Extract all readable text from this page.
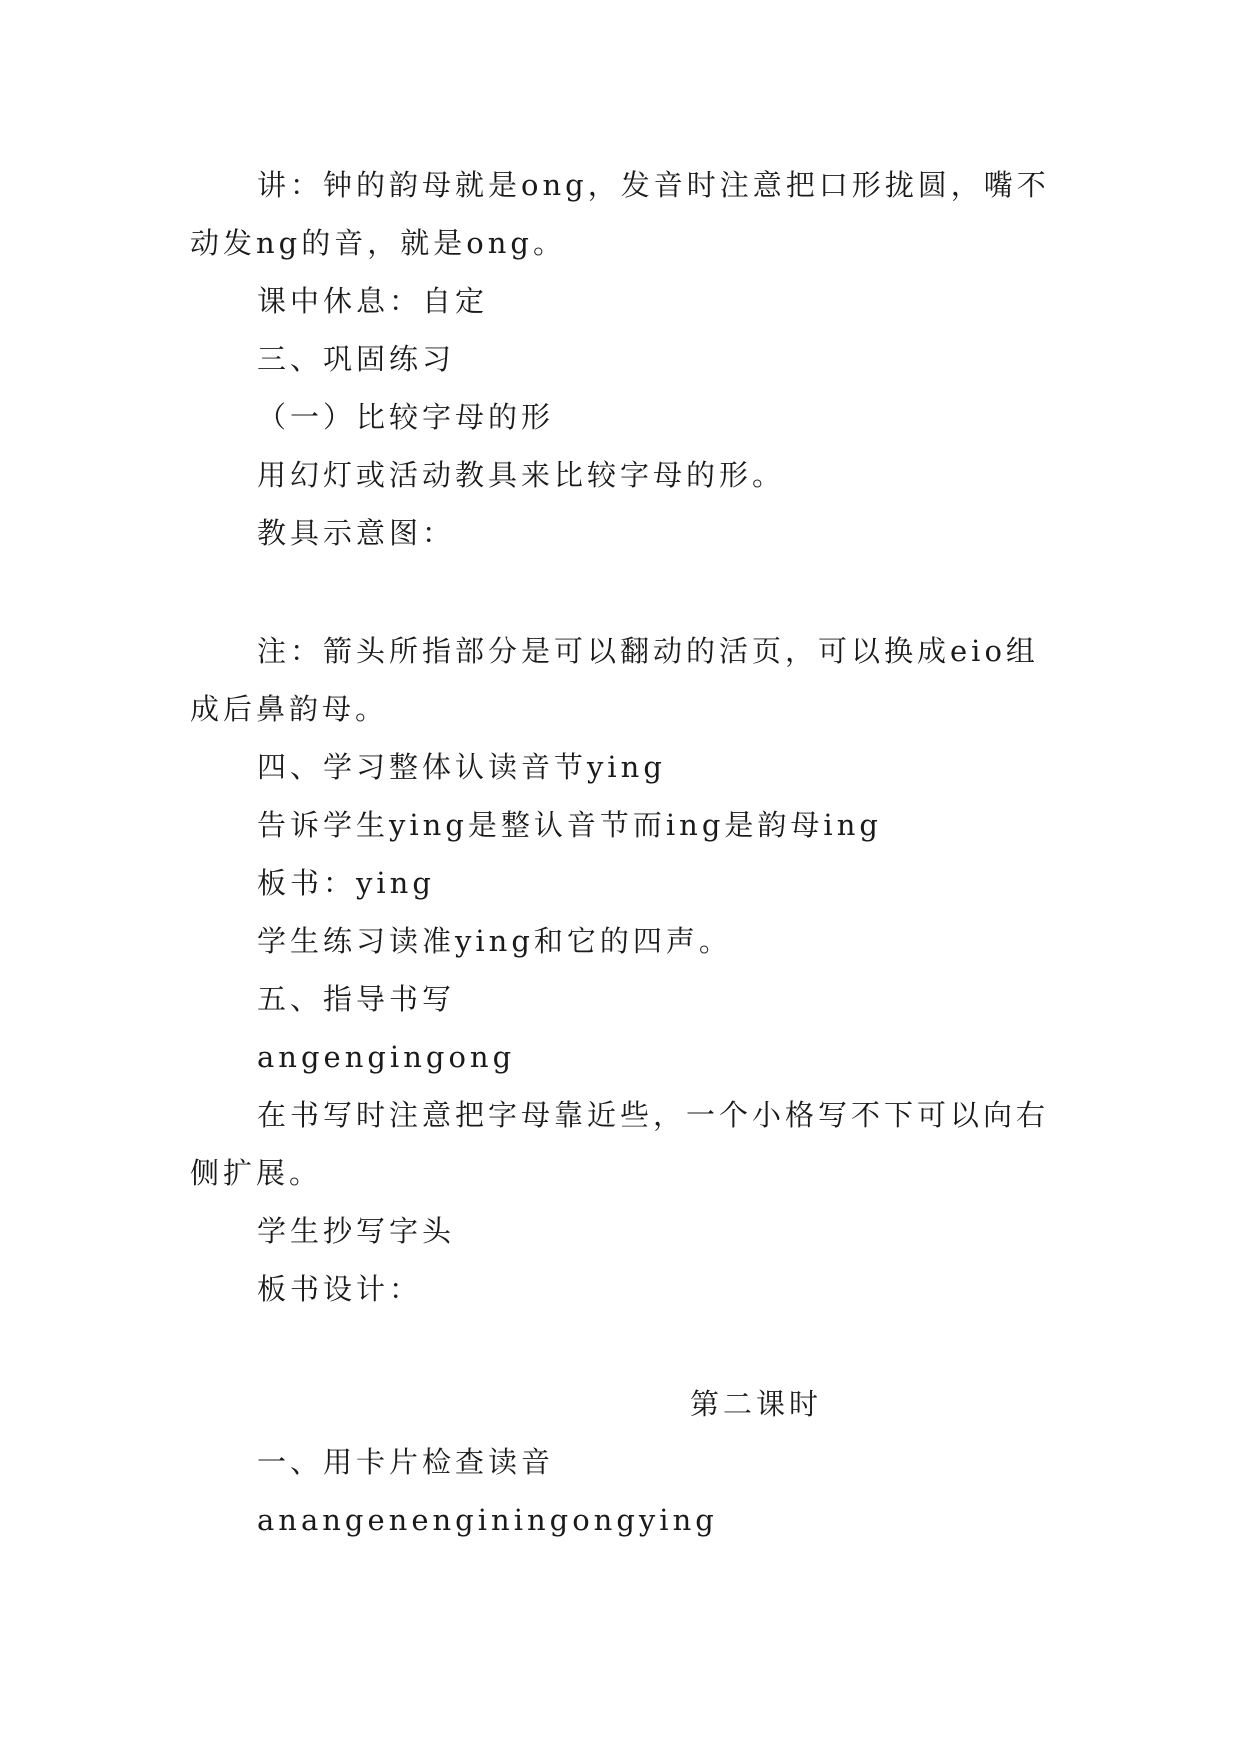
讲：钟的韵母就是ong，发音时注意把口形拢圆，嘴不
动发ng的音，就是ong。
课中休息：自定
三、巩固练习
（一）比较字母的形
用幻灯或活动教具来比较字母的形。
教具示意图：
注：箭头所指部分是可以翻动的活页，可以换成eio组
成后鼻韵母。
四、学习整体认读音节ying
告诉学生ying是整认音节而ing是韵母ing
板书：ying
学生练习读准ying和它的四声。
五、指导书写
angengingong
在书写时注意把字母靠近些，一个小格写不下可以向右
侧扩展。
学生抄写字头
板书设计：
第二课时
一、用卡片检查读音
anangenenginingongying
